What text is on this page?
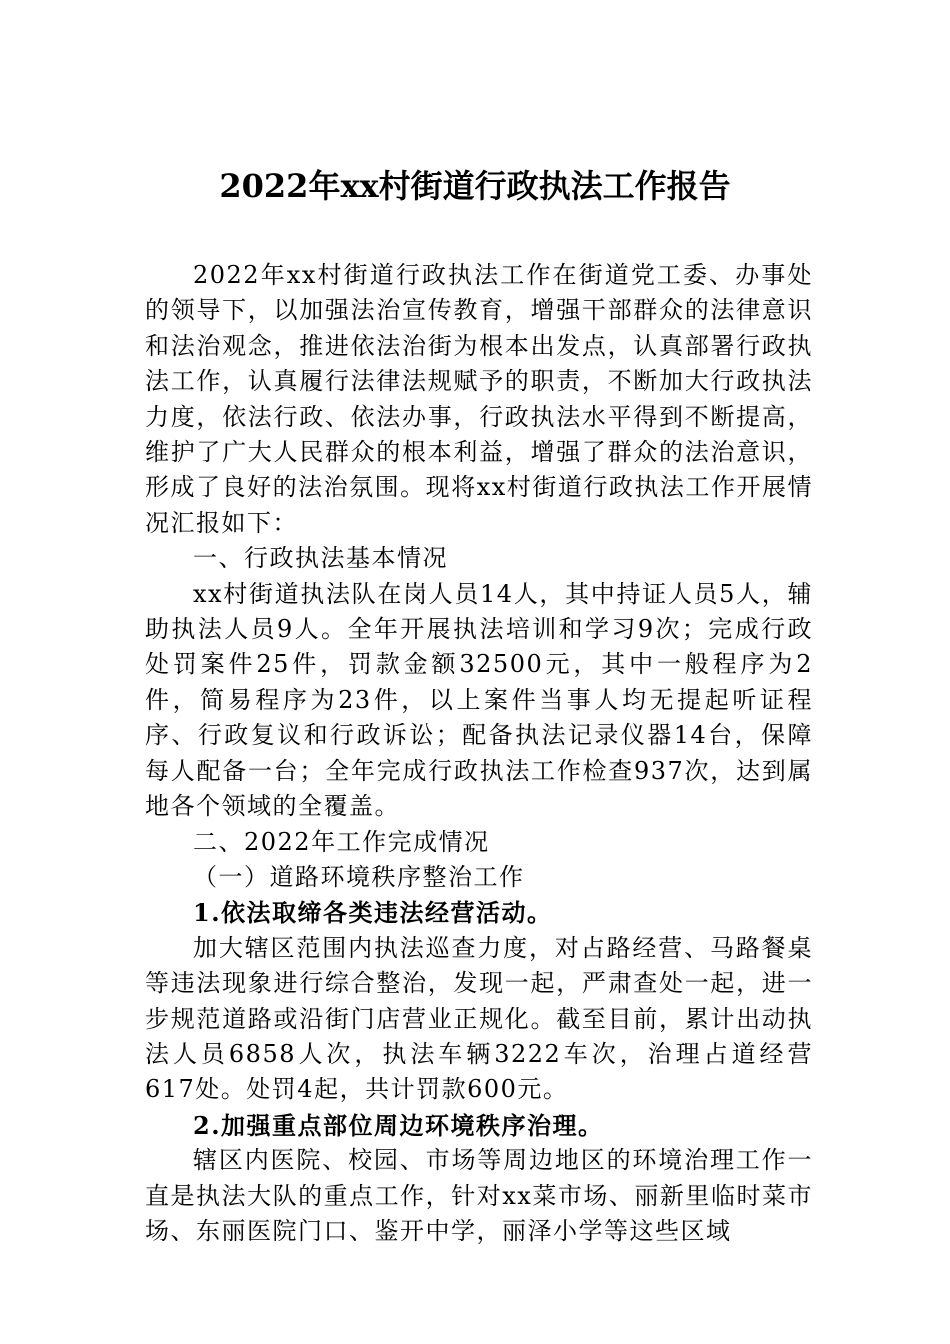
2022年xx村街道行政执法工作报告

2022年xx村街道行政执法工作在街道党工委、办事处的领导下，以加强法治宣传教育，增强干部群众的法律意识和法治观念，推进依法治街为根本出发点，认真部署行政执法工作，认真履行法律法规赋予的职责，不断加大行政执法力度，依法行政、依法办事，行政执法水平得到不断提高，维护了广大人民群众的根本利益，增强了群众的法治意识，形成了良好的法治氛围。现将xx村街道行政执法工作开展情况汇报如下：

一、行政执法基本情况

xx村街道执法队在岗人员14人，其中持证人员5人，辅助执法人员9人。全年开展执法培训和学习9次；完成行政处罚案件25件，罚款金额32500元，其中一般程序为2件，简易程序为23件，以上案件当事人均无提起听证程序、行政复议和行政诉讼；配备执法记录仪器14台，保障每人配备一台；全年完成行政执法工作检查937次，达到属地各个领域的全覆盖。

二、2022年工作完成情况

（一）道路环境秩序整治工作

1.依法取缔各类违法经营活动。

加大辖区范围内执法巡查力度，对占路经营、马路餐桌等违法现象进行综合整治，发现一起，严肃查处一起，进一步规范道路或沿街门店营业正规化。截至目前，累计出动执法人员6858人次，执法车辆3222车次，治理占道经营617处。处罚4起，共计罚款600元。

2.加强重点部位周边环境秩序治理。

辖区内医院、校园、市场等周边地区的环境治理工作一直是执法大队的重点工作，针对xx菜市场、丽新里临时菜市场、东丽医院门口、鉴开中学，丽泽小学等这些区域
